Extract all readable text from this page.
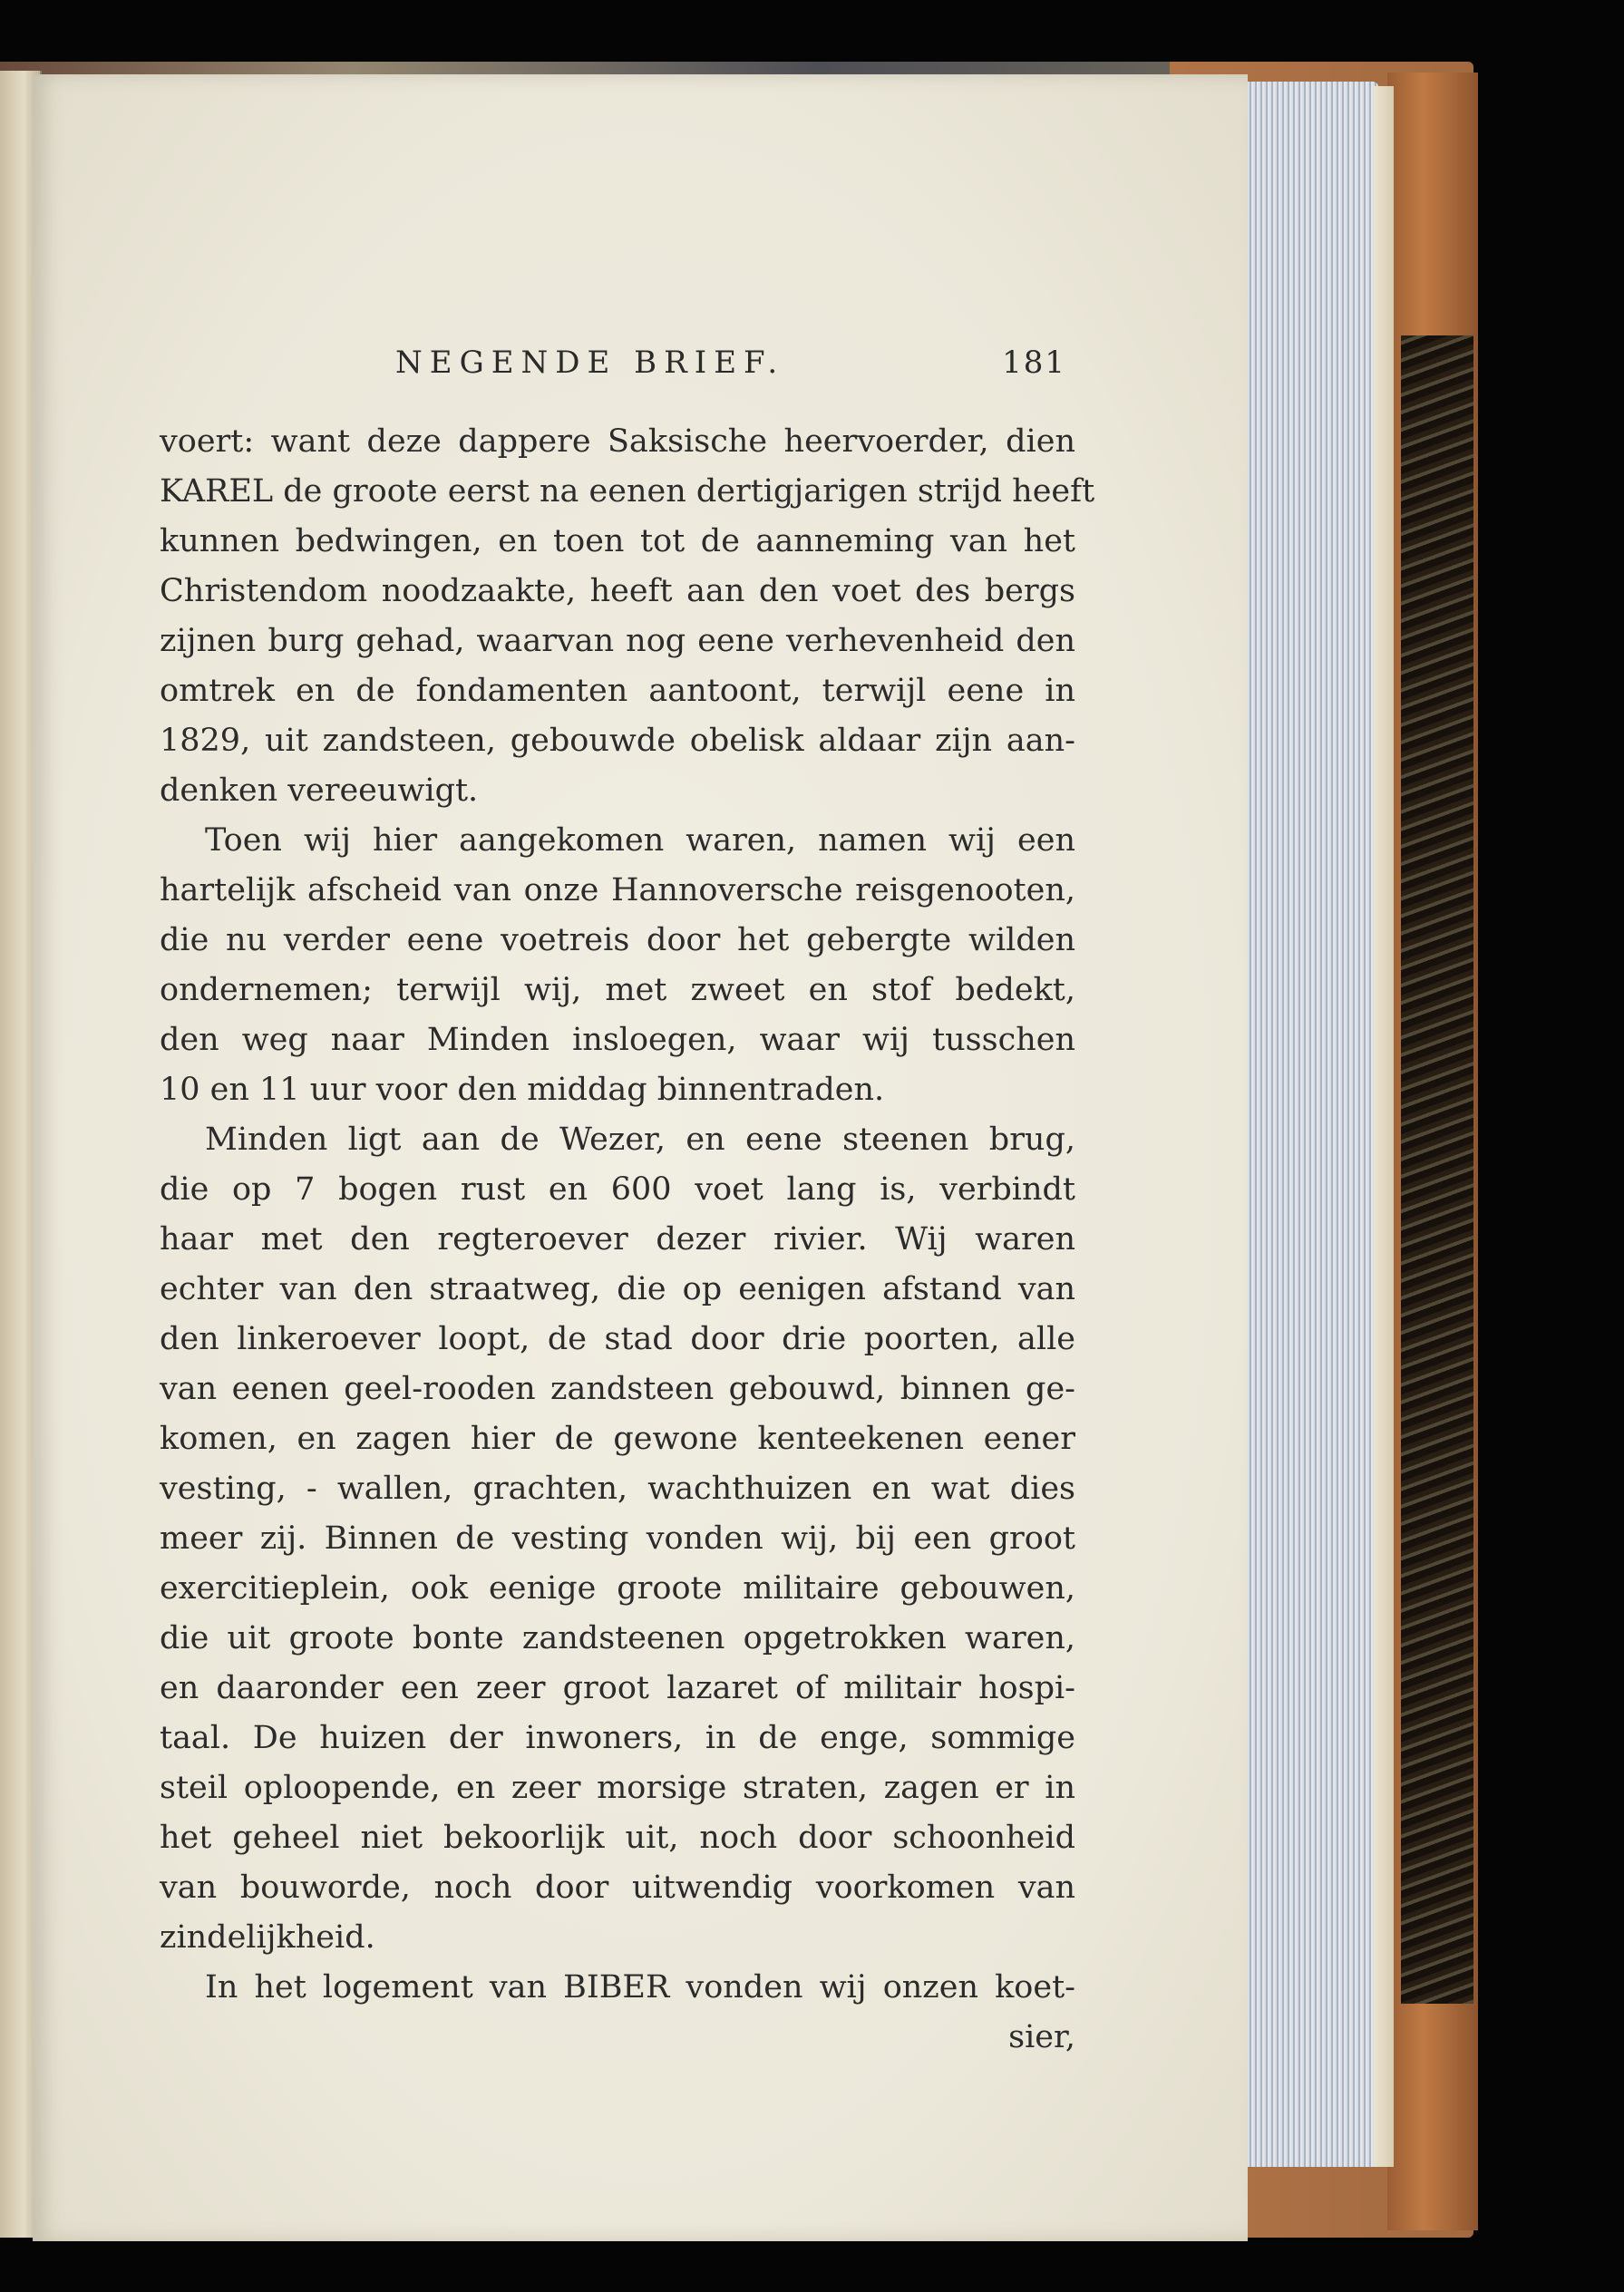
NEGENDE BRIEF.	181
voert: want deze dappere Saksische heervoerder, dien
KAREL de groote eerst na eenen dertigjarigen strijd heeft
kunnen bedwingen, en toen tot de aanneming van het
Christendom noodzaakte, heeft aan den voet des bergs
zijnen burg gehad, waarvan nog eene verhevenheid den
omtrek en de fondamenten aantoont, terwijl eene in
1829, uit zandsteen, gebouwde obelisk aldaar zijn aan-
denken vereeuwigt.
Toen wij hier aangekomen waren, namen wij een
hartelijk afscheid van onze Hannoversche reisgenooten,
die nu verder eene voetreis door het gebergte wilden
ondernemen; terwijl wij, met zweet en stof bedekt,
den weg naar Minden insloegen, waar wij tusschen
10 en 11 uur voor den middag binnentraden.
Minden ligt aan de Wezer, en eene steenen brug,
die op 7 bogen rust en 600 voet lang is, verbindt
haar met den regteroever dezer rivier. Wij waren
echter van den straatweg, die op eenigen afstand van
den linkeroever loopt, de stad door drie poorten, alle
van eenen geel-rooden zandsteen gebouwd, binnen ge-
komen, en zagen hier de gewone kenteekenen eener
vesting, - wallen, grachten, wachthuizen en wat dies
meer zij. Binnen de vesting vonden wij, bij een groot
exercitieplein, ook eenige groote militaire gebouwen,
die uit groote bonte zandsteenen opgetrokken waren,
en daaronder een zeer groot lazaret of militair hospi-
taal. De huizen der inwoners, in de enge, sommige
steil oploopende, en zeer morsige straten, zagen er in
het geheel niet bekoorlijk uit, noch door schoonheid
van bouworde, noch door uitwendig voorkomen van
zindelijkheid.
In het logement van BIBER vonden wij onzen koet-
sier,
